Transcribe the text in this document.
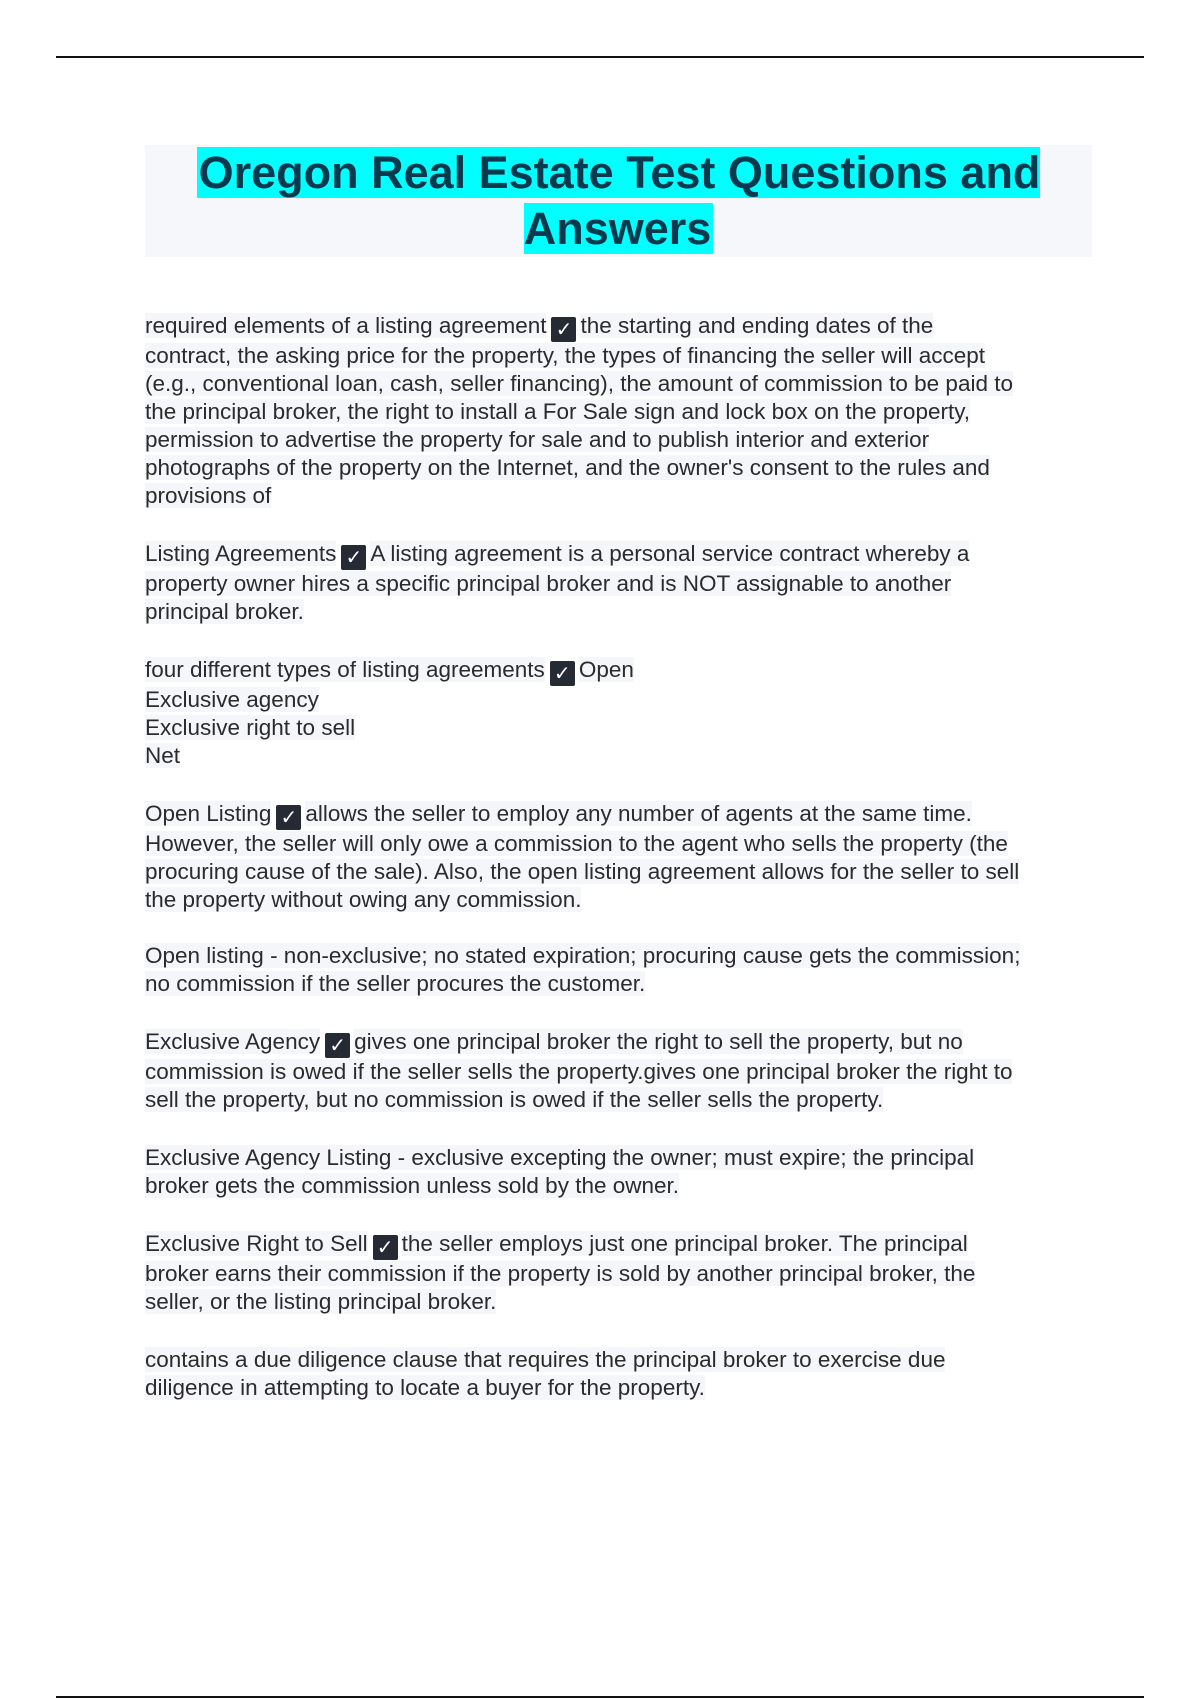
Oregon Real Estate Test Questions and Answers

required elements of a listing agreement ✓ the starting and ending dates of the
contract, the asking price for the property, the types of financing the seller will accept
(e.g., conventional loan, cash, seller financing), the amount of commission to be paid to
the principal broker, the right to install a For Sale sign and lock box on the property,
permission to advertise the property for sale and to publish interior and exterior
photographs of the property on the Internet, and the owner's consent to the rules and
provisions of

Listing Agreements ✓ A listing agreement is a personal service contract whereby a
property owner hires a specific principal broker and is NOT assignable to another
principal broker.

four different types of listing agreements ✓ Open
Exclusive agency
Exclusive right to sell
Net

Open Listing ✓ allows the seller to employ any number of agents at the same time.
However, the seller will only owe a commission to the agent who sells the property (the
procuring cause of the sale). Also, the open listing agreement allows for the seller to sell
the property without owing any commission.

Open listing - non-exclusive; no stated expiration; procuring cause gets the commission;
no commission if the seller procures the customer.

Exclusive Agency ✓ gives one principal broker the right to sell the property, but no
commission is owed if the seller sells the property.gives one principal broker the right to
sell the property, but no commission is owed if the seller sells the property.

Exclusive Agency Listing - exclusive excepting the owner; must expire; the principal
broker gets the commission unless sold by the owner.

Exclusive Right to Sell ✓ the seller employs just one principal broker. The principal
broker earns their commission if the property is sold by another principal broker, the
seller, or the listing principal broker.

contains a due diligence clause that requires the principal broker to exercise due
diligence in attempting to locate a buyer for the property.
